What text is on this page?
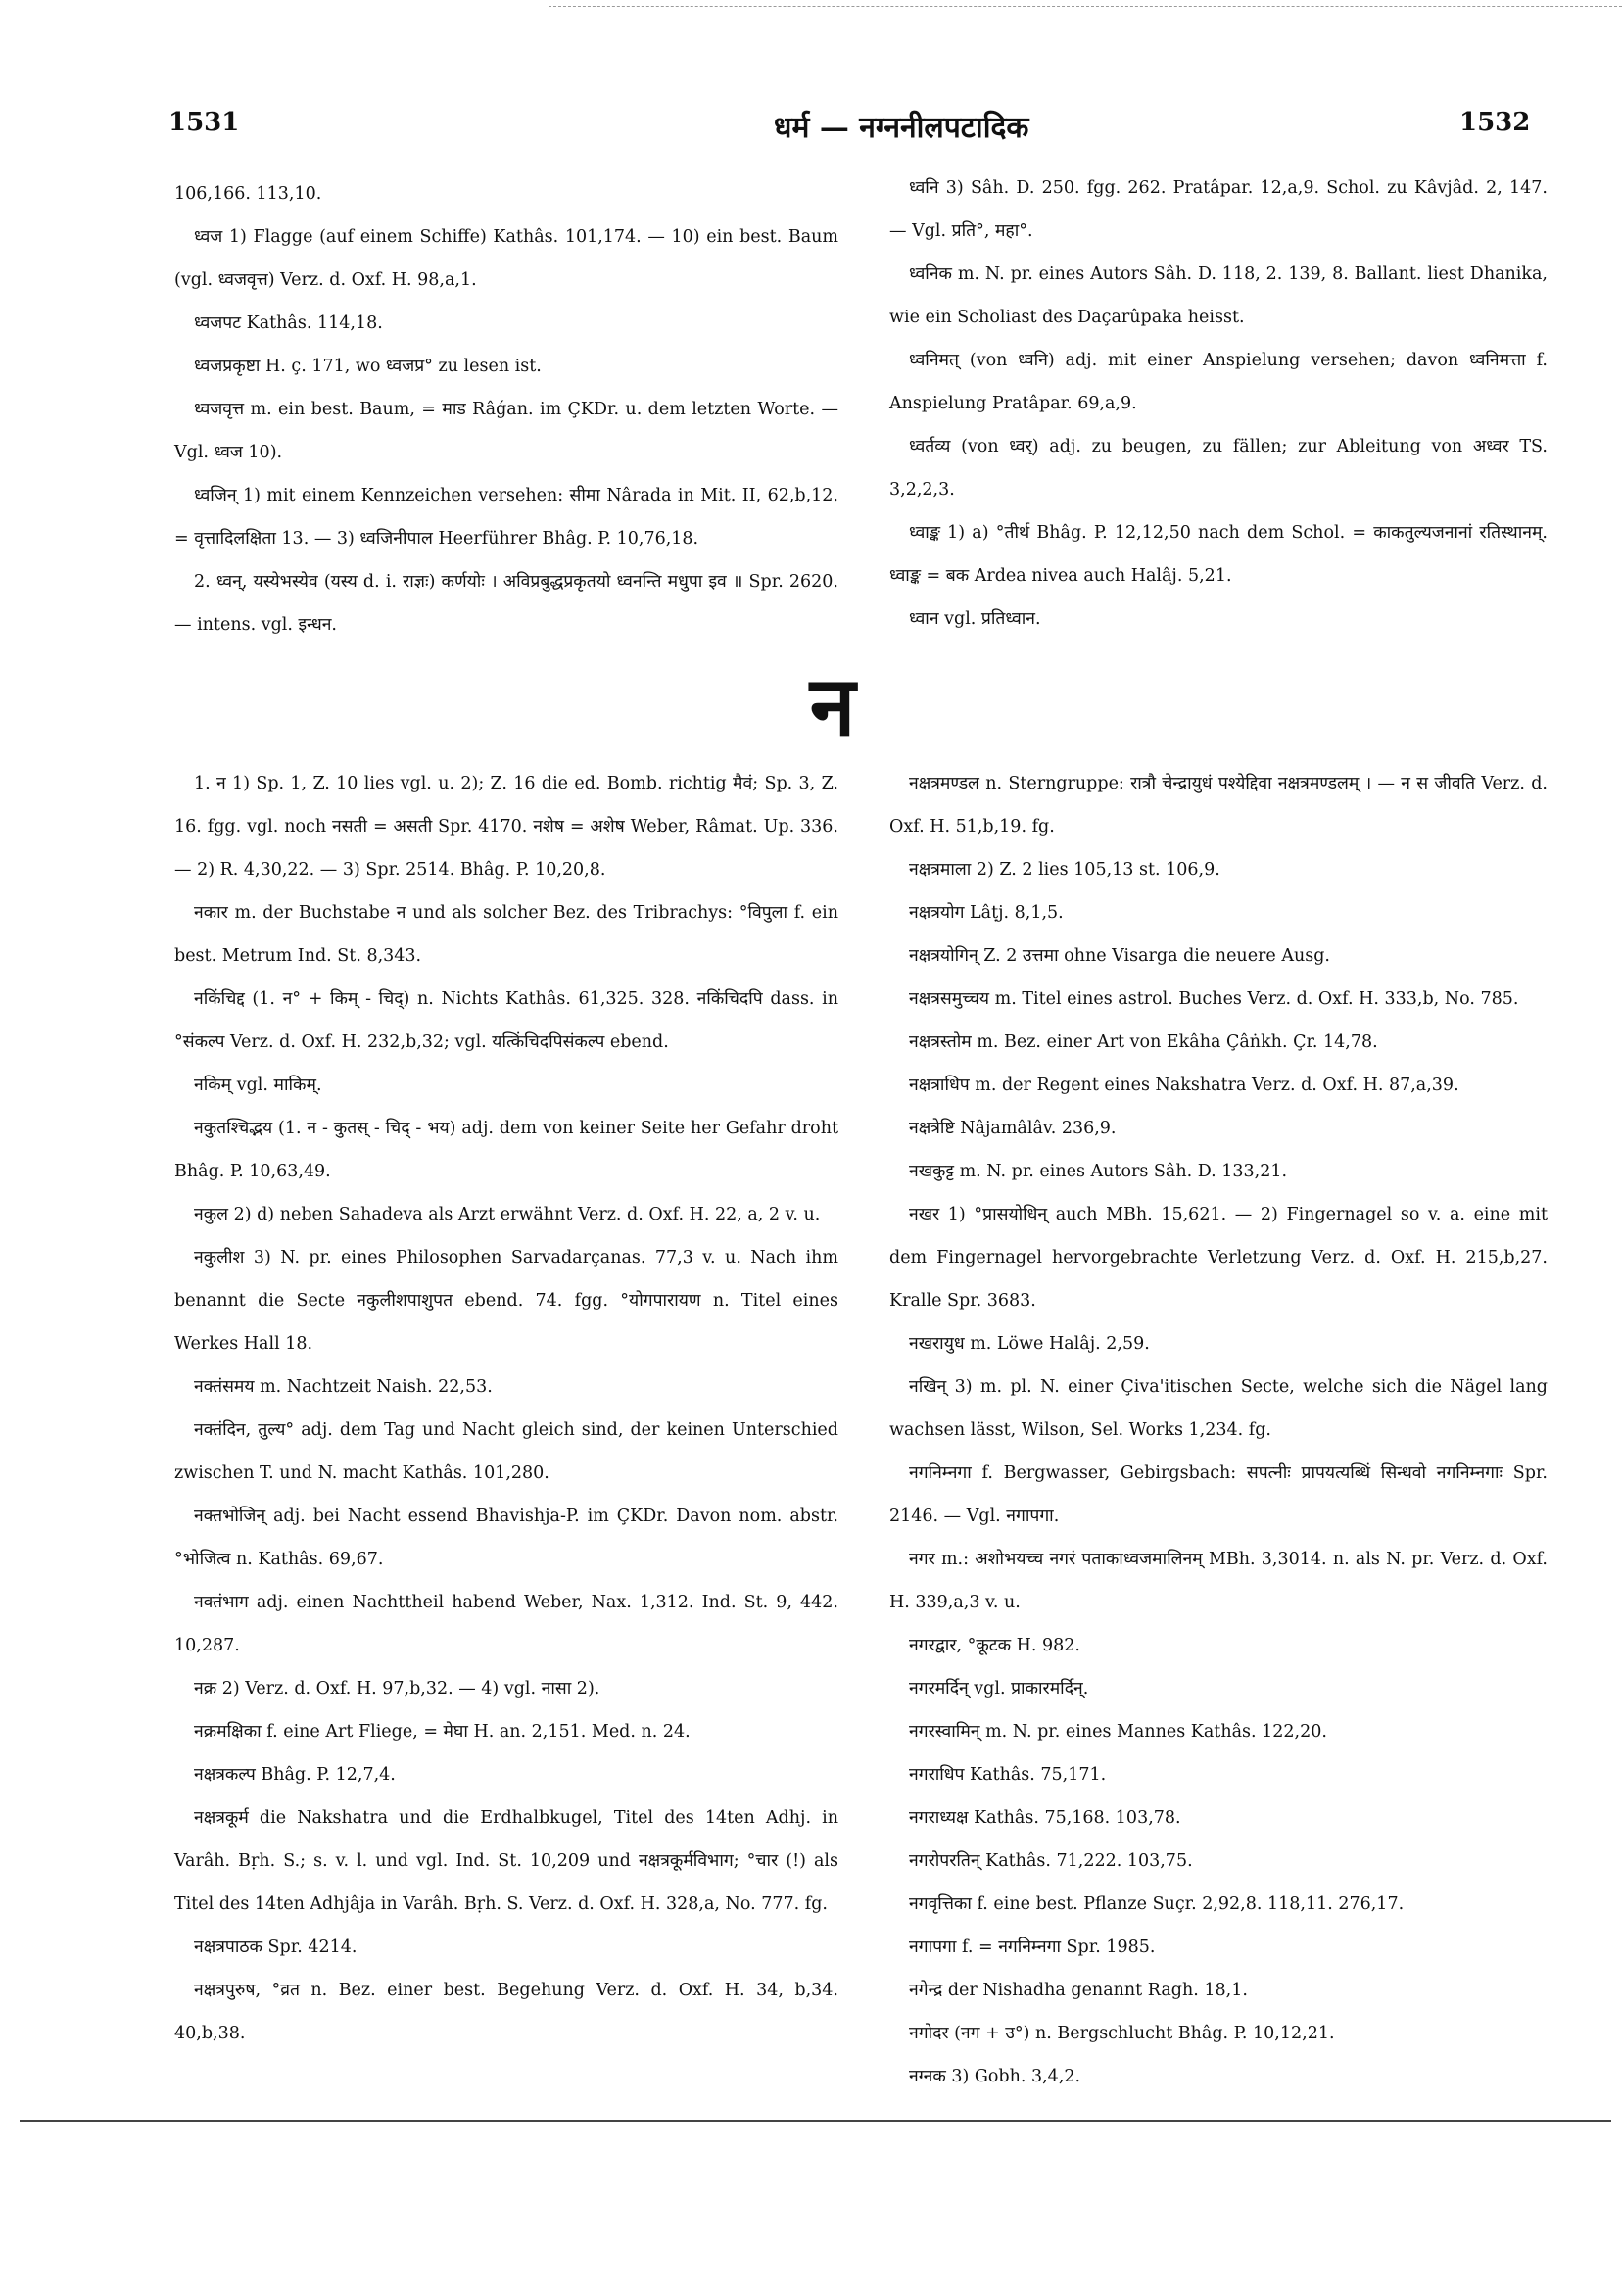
1531	धर्म — नग्ननीलपटादिक	1532

106,166. 113,10.

ध्वज 1) Flagge (auf einem Schiffe) Kathâs. 101,174. — 10) ein best. Baum (vgl. ध्वजवृत्त) Verz. d. Oxf. H. 98,a,1.

ध्वजपट Kathâs. 114,18.

ध्वजप्रकृष्टा H. ç. 171, wo ध्वजप्र° zu lesen ist.

ध्वजवृत्त m. ein best. Baum, = माड Râǵan. im ÇKDr. u. dem letzten Worte. — Vgl. ध्वज 10).

ध्वजिन् 1) mit einem Kennzeichen versehen: सीमा Nârada in Mit. II, 62,b,12. = वृत्तादिलक्षिता 13. — 3) ध्वजिनीपाल Heerführer Bhâg. P. 10,76,18.

2. ध्वन्, यस्येभस्येव (यस्य d. i. राज्ञः) कर्णयोः । अविप्रबुद्धप्रकृतयो ध्वनन्ति मधुपा इव ॥ Spr. 2620. — intens. vgl. इन्धन.

ध्वनि 3) Sâh. D. 250. fgg. 262. Pratâpar. 12,a,9. Schol. zu Kâvjâd. 2, 147. — Vgl. प्रति°, महा°.

ध्वनिक m. N. pr. eines Autors Sâh. D. 118, 2. 139, 8. Ballant. liest Dhanika, wie ein Scholiast des Daçarûpaka heisst.

ध्वनिमत् (von ध्वनि) adj. mit einer Anspielung versehen; davon ध्वनिमत्ता f. Anspielung Pratâpar. 69,a,9.

ध्वर्तव्य (von ध्वर्) adj. zu beugen, zu fällen; zur Ableitung von अध्वर TS. 3,2,2,3.

ध्वाङ्क 1) a) °तीर्थ Bhâg. P. 12,12,50 nach dem Schol. = काकतुल्यजनानां रतिस्थानम्. ध्वाङ्क = बक Ardea nivea auch Halâj. 5,21.

ध्वान vgl. प्रतिध्वान.

न

1. न 1) Sp. 1, Z. 10 lies vgl. u. 2); Z. 16 die ed. Bomb. richtig मैवं; Sp. 3, Z. 16. fgg. vgl. noch नसती = असती Spr. 4170. नशेष = अशेष Weber, Râmat. Up. 336. — 2) R. 4,30,22. — 3) Spr. 2514. Bhâg. P. 10,20,8.

नकार m. der Buchstabe न und als solcher Bez. des Tribrachys: °विपुला f. ein best. Metrum Ind. St. 8,343.

नकिंचिद्द (1. न° + किम् - चिद्) n. Nichts Kathâs. 61,325. 328. नकिंचिदपि dass. in °संकल्प Verz. d. Oxf. H. 232,b,32; vgl. यत्किंचिदपिसंकल्प ebend.

नकिम् vgl. माकिम्.

नकुतश्चिद्भय (1. न - कुतस् - चिद् - भय) adj. dem von keiner Seite her Gefahr droht Bhâg. P. 10,63,49.

नकुल 2) d) neben Sahadeva als Arzt erwähnt Verz. d. Oxf. H. 22, a, 2 v. u.

नकुलीश 3) N. pr. eines Philosophen Sarvadarçanas. 77,3 v. u. Nach ihm benannt die Secte नकुलीशपाशुपत ebend. 74. fgg. °योगपारायण n. Titel eines Werkes Hall 18.

नक्तंसमय m. Nachtzeit Naish. 22,53.

नक्तंदिन, तुल्य° adj. dem Tag und Nacht gleich sind, der keinen Unterschied zwischen T. und N. macht Kathâs. 101,280.

नक्तभोजिन् adj. bei Nacht essend Bhavishja-P. im ÇKDr. Davon nom. abstr. °भोजित्व n. Kathâs. 69,67.

नक्तंभाग adj. einen Nachttheil habend Weber, Nax. 1,312. Ind. St. 9, 442. 10,287.

नक्र 2) Verz. d. Oxf. H. 97,b,32. — 4) vgl. नासा 2).

नक्रमक्षिका f. eine Art Fliege, = मेघा H. an. 2,151. Med. n. 24.

नक्षत्रकल्प Bhâg. P. 12,7,4.

नक्षत्रकूर्म die Nakshatra und die Erdhalbkugel, Titel des 14ten Adhj. in Varâh. Bṛh. S.; s. v. l. und vgl. Ind. St. 10,209 und नक्षत्रकूर्मविभाग; °चार (!) als Titel des 14ten Adhjâja in Varâh. Bṛh. S. Verz. d. Oxf. H. 328,a, No. 777. fg.

नक्षत्रपाठक Spr. 4214.

नक्षत्रपुरुष, °व्रत n. Bez. einer best. Begehung Verz. d. Oxf. H. 34, b,34. 40,b,38.

नक्षत्रमण्डल n. Sterngruppe: रात्रौ चेन्द्रायुधं पश्येद्दिवा नक्षत्रमण्डलम् । — न स जीवति Verz. d. Oxf. H. 51,b,19. fg.

नक्षत्रमाला 2) Z. 2 lies 105,13 st. 106,9.

नक्षत्रयोग Lâṭj. 8,1,5.

नक्षत्रयोगिन् Z. 2 उत्तमा ohne Visarga die neuere Ausg.

नक्षत्रसमुच्चय m. Titel eines astrol. Buches Verz. d. Oxf. H. 333,b, No. 785.

नक्षत्रस्तोम m. Bez. einer Art von Ekâha Çâṅkh. Çr. 14,78.

नक्षत्राधिप m. der Regent eines Nakshatra Verz. d. Oxf. H. 87,a,39.

नक्षत्रेष्टि Nâjamâlâv. 236,9.

नखकुट्ट m. N. pr. eines Autors Sâh. D. 133,21.

नखर 1) °प्रासयोधिन् auch MBh. 15,621. — 2) Fingernagel so v. a. eine mit dem Fingernagel hervorgebrachte Verletzung Verz. d. Oxf. H. 215,b,27. Kralle Spr. 3683.

नखरायुध m. Löwe Halâj. 2,59.

नखिन् 3) m. pl. N. einer Çiva'itischen Secte, welche sich die Nägel lang wachsen lässt, Wilson, Sel. Works 1,234. fg.

नगनिम्नगा f. Bergwasser, Gebirgsbach: सपत्नीः प्रापयत्यब्धिं सिन्धवो नगनिम्नगाः Spr. 2146. — Vgl. नगापगा.

नगर m.: अशोभयच्च नगरं पताकाध्वजमालिनम् MBh. 3,3014. n. als N. pr. Verz. d. Oxf. H. 339,a,3 v. u.

नगरद्वार, °कूटक H. 982.

नगरमर्दिन् vgl. प्राकारमर्दिन्.

नगरस्वामिन् m. N. pr. eines Mannes Kathâs. 122,20.

नगराधिप Kathâs. 75,171.

नगराध्यक्ष Kathâs. 75,168. 103,78.

नगरोपरतिन् Kathâs. 71,222. 103,75.

नगवृत्तिका f. eine best. Pflanze Suçr. 2,92,8. 118,11. 276,17.

नगापगा f. = नगनिम्नगा Spr. 1985.

नगेन्द्र der Nishadha genannt Ragh. 18,1.

नगोदर (नग + उ°) n. Bergschlucht Bhâg. P. 10,12,21.

नग्नक 3) Gobh. 3,4,2.
